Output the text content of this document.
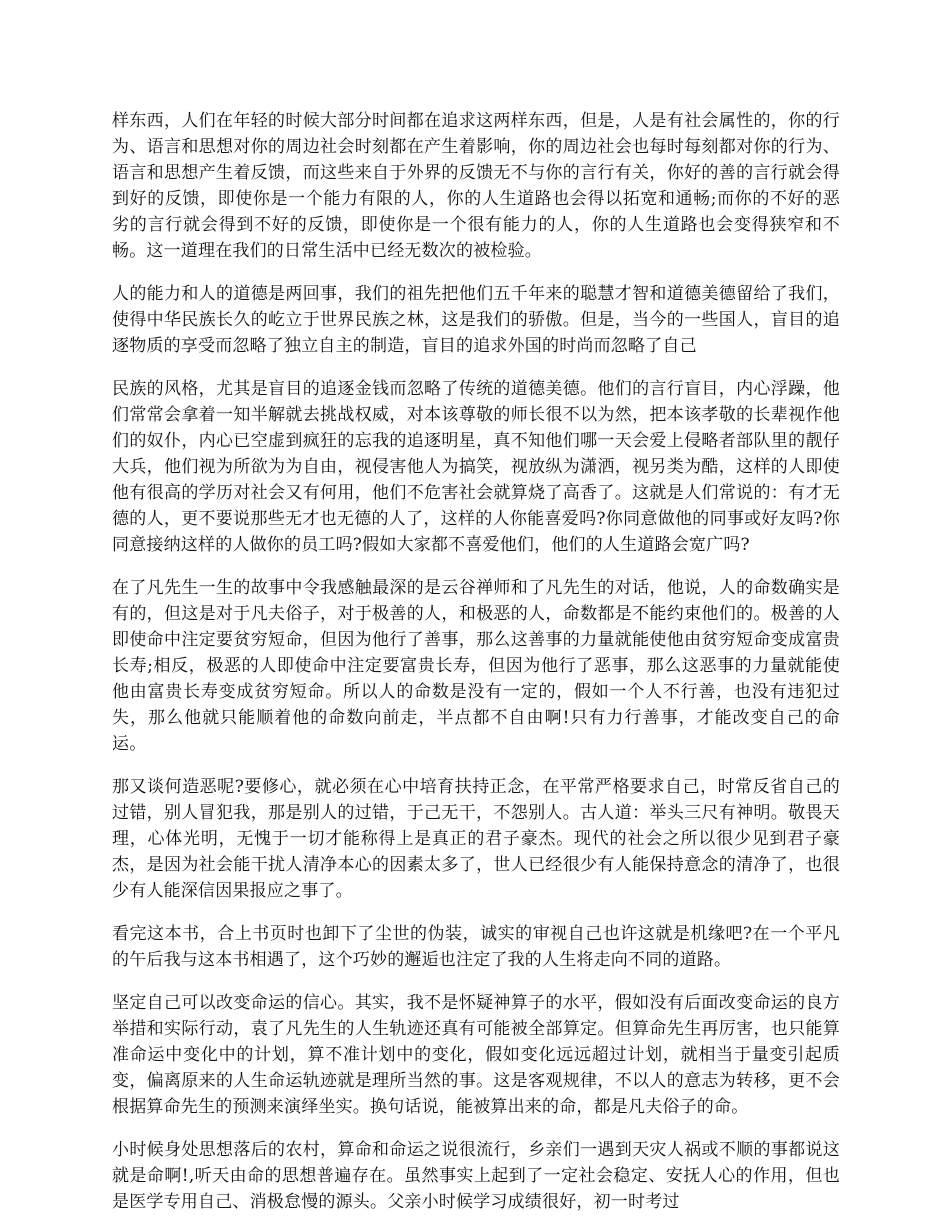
样东西，人们在年轻的时候大部分时间都在追求这两样东西，但是，人是有社会属性的，你的行为、语言和思想对你的周边社会时刻都在产生着影响，你的周边社会也每时每刻都对你的行为、语言和思想产生着反馈，而这些来自于外界的反馈无不与你的言行有关，你好的善的言行就会得到好的反馈，即使你是一个能力有限的人，你的人生道路也会得以拓宽和通畅;而你的不好的恶劣的言行就会得到不好的反馈，即使你是一个很有能力的人，你的人生道路也会变得狭窄和不畅。这一道理在我们的日常生活中已经无数次的被检验。

人的能力和人的道德是两回事，我们的祖先把他们五千年来的聪慧才智和道德美德留给了我们，使得中华民族长久的屹立于世界民族之林，这是我们的骄傲。但是，当今的一些国人，盲目的追逐物质的享受而忽略了独立自主的制造，盲目的追求外国的时尚而忽略了自己

民族的风格，尤其是盲目的追逐金钱而忽略了传统的道德美德。他们的言行盲目，内心浮躁，他们常常会拿着一知半解就去挑战权威，对本该尊敬的师长很不以为然，把本该孝敬的长辈视作他们的奴仆，内心已空虚到疯狂的忘我的追逐明星，真不知他们哪一天会爱上侵略者部队里的靓仔大兵，他们视为所欲为为自由，视侵害他人为搞笑，视放纵为潇洒，视另类为酷，这样的人即使他有很高的学历对社会又有何用，他们不危害社会就算烧了高香了。这就是人们常说的：有才无德的人，更不要说那些无才也无德的人了，这样的人你能喜爱吗?你同意做他的同事或好友吗?你同意接纳这样的人做你的员工吗?假如大家都不喜爱他们，他们的人生道路会宽广吗?

在了凡先生一生的故事中令我感触最深的是云谷禅师和了凡先生的对话，他说，人的命数确实是有的，但这是对于凡夫俗子，对于极善的人，和极恶的人，命数都是不能约束他们的。极善的人即使命中注定要贫穷短命，但因为他行了善事，那么这善事的力量就能使他由贫穷短命变成富贵长寿;相反，极恶的人即使命中注定要富贵长寿，但因为他行了恶事，那么这恶事的力量就能使他由富贵长寿变成贫穷短命。所以人的命数是没有一定的，假如一个人不行善，也没有违犯过失，那么他就只能顺着他的命数向前走，半点都不自由啊!只有力行善事，才能改变自己的命运。

那又谈何造恶呢?要修心，就必须在心中培育扶持正念，在平常严格要求自己，时常反省自己的过错，别人冒犯我，那是别人的过错，于己无干，不怨别人。古人道：举头三尺有神明。敬畏天理，心体光明，无愧于一切才能称得上是真正的君子豪杰。现代的社会之所以很少见到君子豪杰，是因为社会能干扰人清净本心的因素太多了，世人已经很少有人能保持意念的清净了，也很少有人能深信因果报应之事了。

看完这本书，合上书页时也卸下了尘世的伪装，诚实的审视自己也许这就是机缘吧?在一个平凡的午后我与这本书相遇了，这个巧妙的邂逅也注定了我的人生将走向不同的道路。

坚定自己可以改变命运的信心。其实，我不是怀疑神算子的水平，假如没有后面改变命运的良方举措和实际行动，袁了凡先生的人生轨迹还真有可能被全部算定。但算命先生再厉害，也只能算准命运中变化中的计划，算不准计划中的变化，假如变化远远超过计划，就相当于量变引起质变，偏离原来的人生命运轨迹就是理所当然的事。这是客观规律，不以人的意志为转移，更不会根据算命先生的预测来演绎坐实。换句话说，能被算出来的命，都是凡夫俗子的命。

小时候身处思想落后的农村，算命和命运之说很流行，乡亲们一遇到天灾人祸或不顺的事都说这就是命啊!,听天由命的思想普遍存在。虽然事实上起到了一定社会稳定、安抚人心的作用，但也是医学专用自己、消极怠慢的源头。父亲小时候学习成绩很好，初一时考过
